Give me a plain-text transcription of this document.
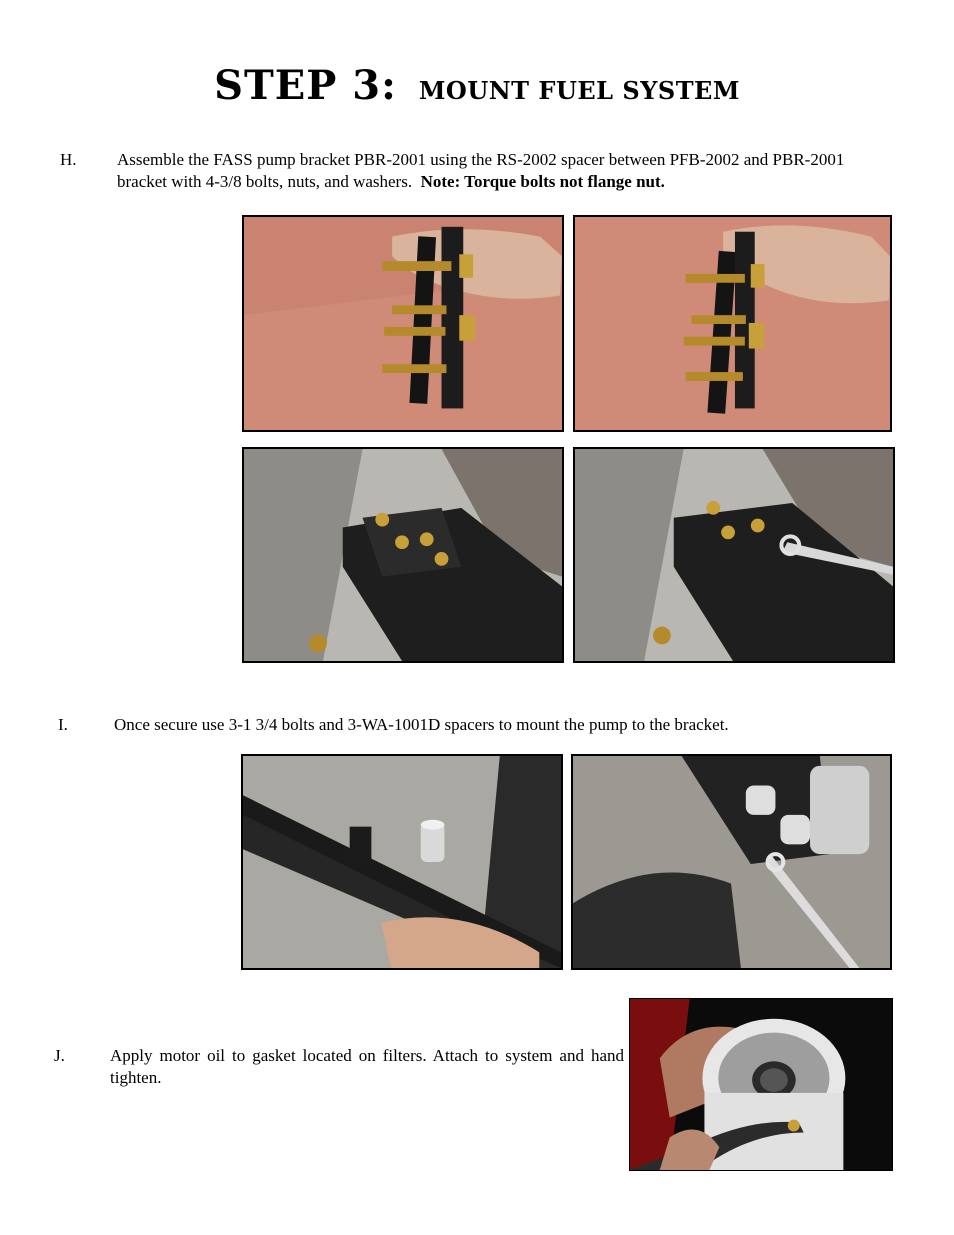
STEP 3: MOUNT FUEL SYSTEM
H. Assemble the FASS pump bracket PBR-2001 using the RS-2002 spacer between PFB-2002 and PBR-2001 bracket with 4-3/8 bolts, nuts, and washers. Note: Torque bolts not flange nut.
I.	Once secure use 3-1 3/4 bolts and 3-WA-1001D spacers to mount the pump to the bracket.
J.	Apply motor oil to gasket located on filters. Attach to system and hand tighten.
